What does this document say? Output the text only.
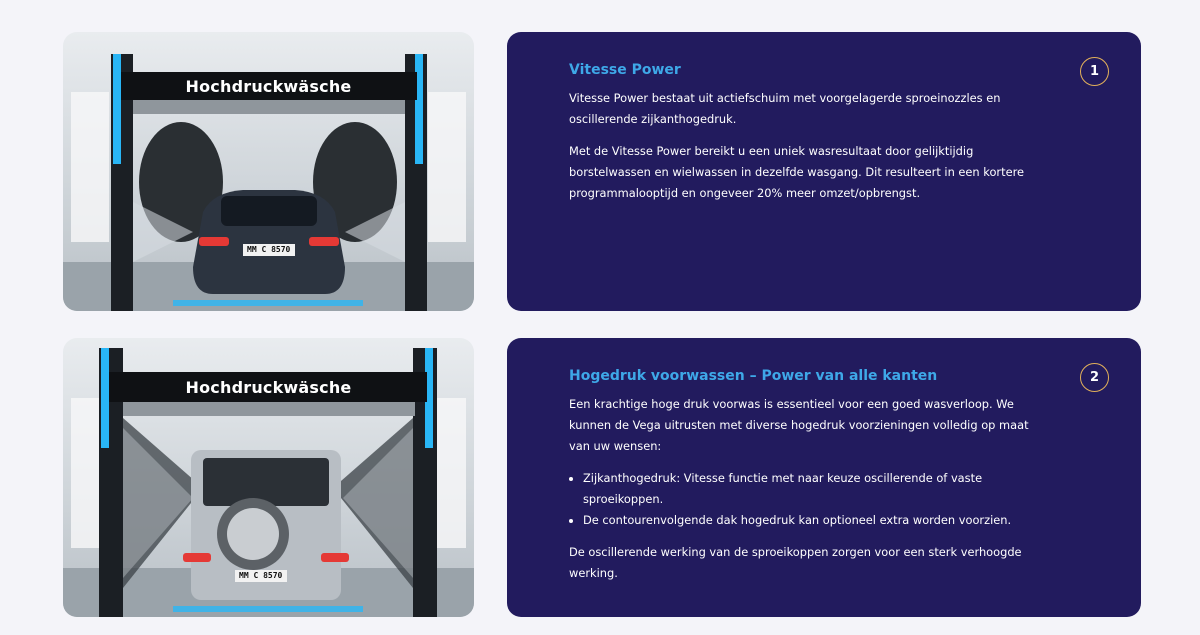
Hochdruckwäsche
MM C 8570
Vitesse Power	1

Vitesse Power bestaat uit actiefschuim met voorgelagerde sproeinozzles en oscillerende zijkanthogedruk.

Met de Vitesse Power bereikt u een uniek wasresultaat door gelijktijdig borstelwassen en wielwassen in dezelfde wasgang. Dit resulteert in een kortere programmalooptijd en ongeveer 20% meer omzet/opbrengst.

Hochdruckwäsche
MM C 8570
Hogedruk voorwassen – Power van alle kanten	2

Een krachtige hoge druk voorwas is essentieel voor een goed wasverloop. We kunnen de Vega uitrusten met diverse hogedruk voorzieningen volledig op maat van uw wensen:

• Zijkanthogedruk: Vitesse functie met naar keuze oscillerende of vaste sproeikoppen.
• De contourenvolgende dak hogedruk kan optioneel extra worden voorzien.

De oscillerende werking van de sproeikoppen zorgen voor een sterk verhoogde werking.
